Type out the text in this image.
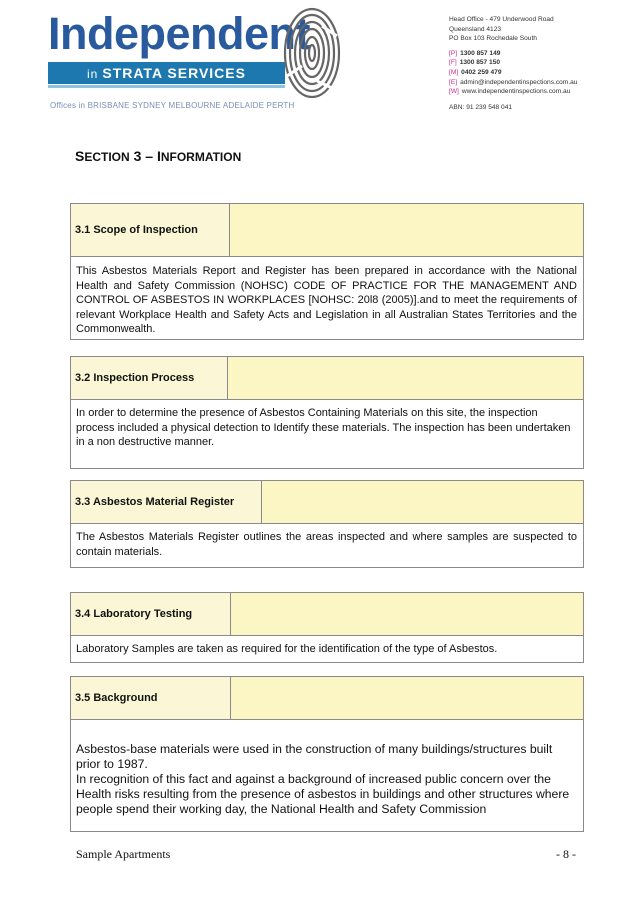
Independent
in STRATA SERVICES
Offices in BRISBANE SYDNEY MELBOURNE ADELAIDE PERTH
Head Office - 479 Underwood Road
Queensland 4123
PO Box 103 Rochedale South
[P] 1300 857 149
[F] 1300 857 150
[M] 0402 259 479
[E] admin@independentinspections.com.au
[W] www.independentinspections.com.au
ABN: 91 239 548 041
SECTION 3 – INFORMATION
3.1 Scope of Inspection
This Asbestos Materials Report and Register has been prepared in accordance with the National Health and Safety Commission (NOHSC) CODE OF PRACTICE FOR THE MANAGEMENT AND CONTROL OF ASBESTOS IN WORKPLACES [NOHSC: 20l8 (2005)].and to meet the requirements of relevant Workplace Health and Safety Acts and Legislation in all Australian States Territories and the Commonwealth.
3.2 Inspection Process
In order to determine the presence of Asbestos Containing Materials on this site, the inspection process included a physical detection to Identify these materials. The inspection has been undertaken in a non destructive manner.
3.3 Asbestos Material Register
The Asbestos Materials Register outlines the areas inspected and where samples are suspected to contain materials.
3.4 Laboratory Testing
Laboratory Samples are taken as required for the identification of the type of Asbestos.
3.5 Background
Asbestos-base materials were used in the construction of many buildings/structures built prior to 1987.
In recognition of this fact and against a background of increased public concern over the Health risks resulting from the presence of asbestos in buildings and other structures where people spend their working day, the National Health and Safety Commission
Sample Apartments	- 8 -
